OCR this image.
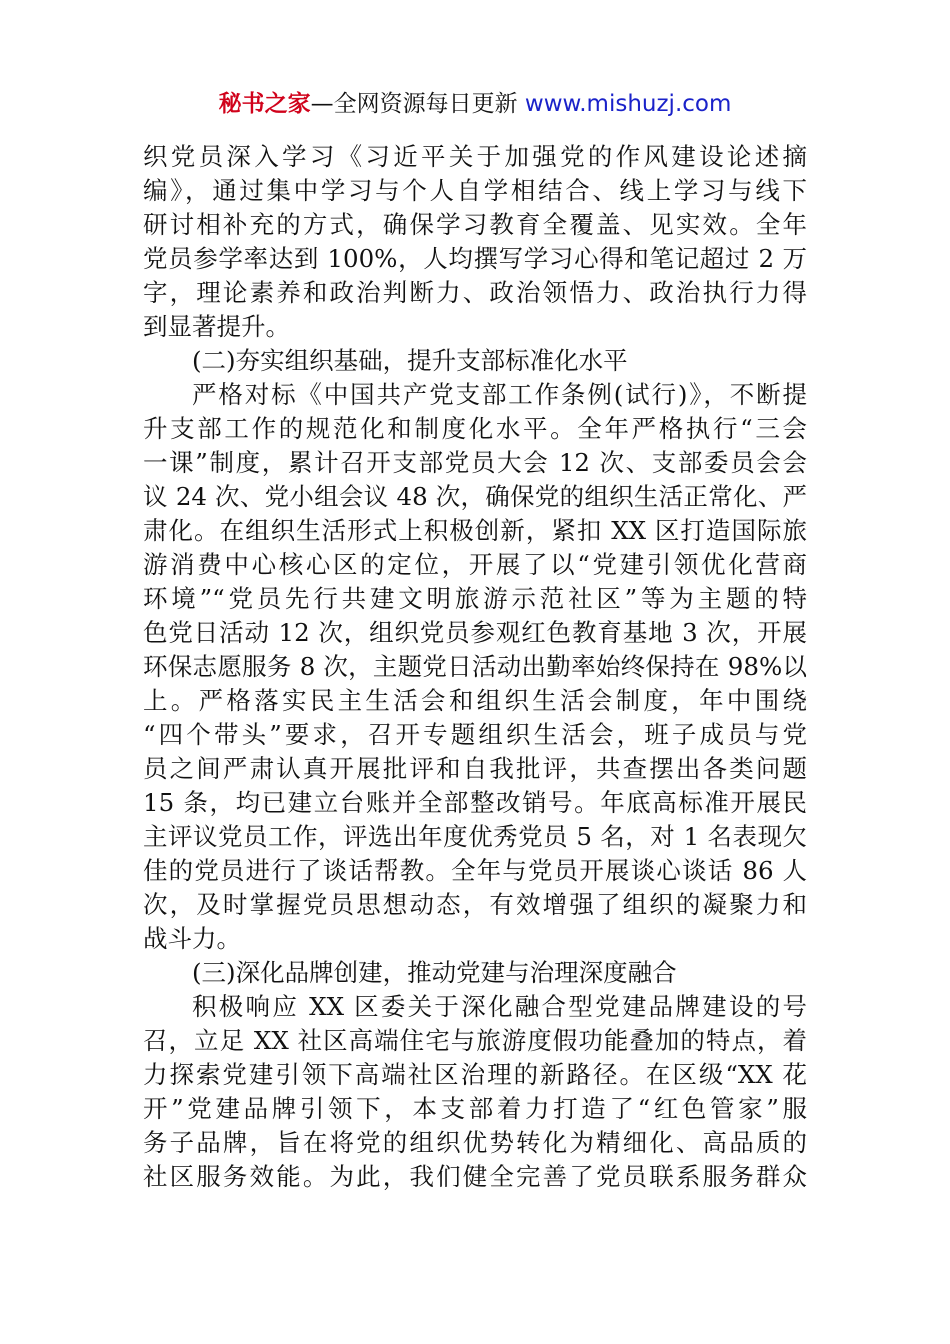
秘书之家—全网资源每日更新 www.mishuzj.com
织党员深入学习《习近平关于加强党的作风建设论述摘
编》，通过集中学习与个人自学相结合、线上学习与线下
研讨相补充的方式，确保学习教育全覆盖、见实效。全年
党员参学率达到 100%，人均撰写学习心得和笔记超过 2 万
字，理论素养和政治判断力、政治领悟力、政治执行力得
到显著提升。
(二)夯实组织基础，提升支部标准化水平
严格对标《中国共产党支部工作条例(试行)》，不断提
升支部工作的规范化和制度化水平。全年严格执行“三会
一课”制度，累计召开支部党员大会 12 次、支部委员会会
议 24 次、党小组会议 48 次，确保党的组织生活正常化、严
肃化。在组织生活形式上积极创新，紧扣 XX 区打造国际旅
游消费中心核心区的定位，开展了以“党建引领优化营商
环境”“党员先行共建文明旅游示范社区”等为主题的特
色党日活动 12 次，组织党员参观红色教育基地 3 次，开展
环保志愿服务 8 次，主题党日活动出勤率始终保持在 98%以
上。严格落实民主生活会和组织生活会制度，年中围绕
“四个带头”要求，召开专题组织生活会，班子成员与党
员之间严肃认真开展批评和自我批评，共查摆出各类问题
15 条，均已建立台账并全部整改销号。年底高标准开展民
主评议党员工作，评选出年度优秀党员 5 名，对 1 名表现欠
佳的党员进行了谈话帮教。全年与党员开展谈心谈话 86 人
次，及时掌握党员思想动态，有效增强了组织的凝聚力和
战斗力。
(三)深化品牌创建，推动党建与治理深度融合
积极响应 XX 区委关于深化融合型党建品牌建设的号
召，立足 XX 社区高端住宅与旅游度假功能叠加的特点，着
力探索党建引领下高端社区治理的新路径。在区级“XX 花
开”党建品牌引领下，本支部着力打造了“红色管家”服
务子品牌，旨在将党的组织优势转化为精细化、高品质的
社区服务效能。为此，我们健全完善了党员联系服务群众
